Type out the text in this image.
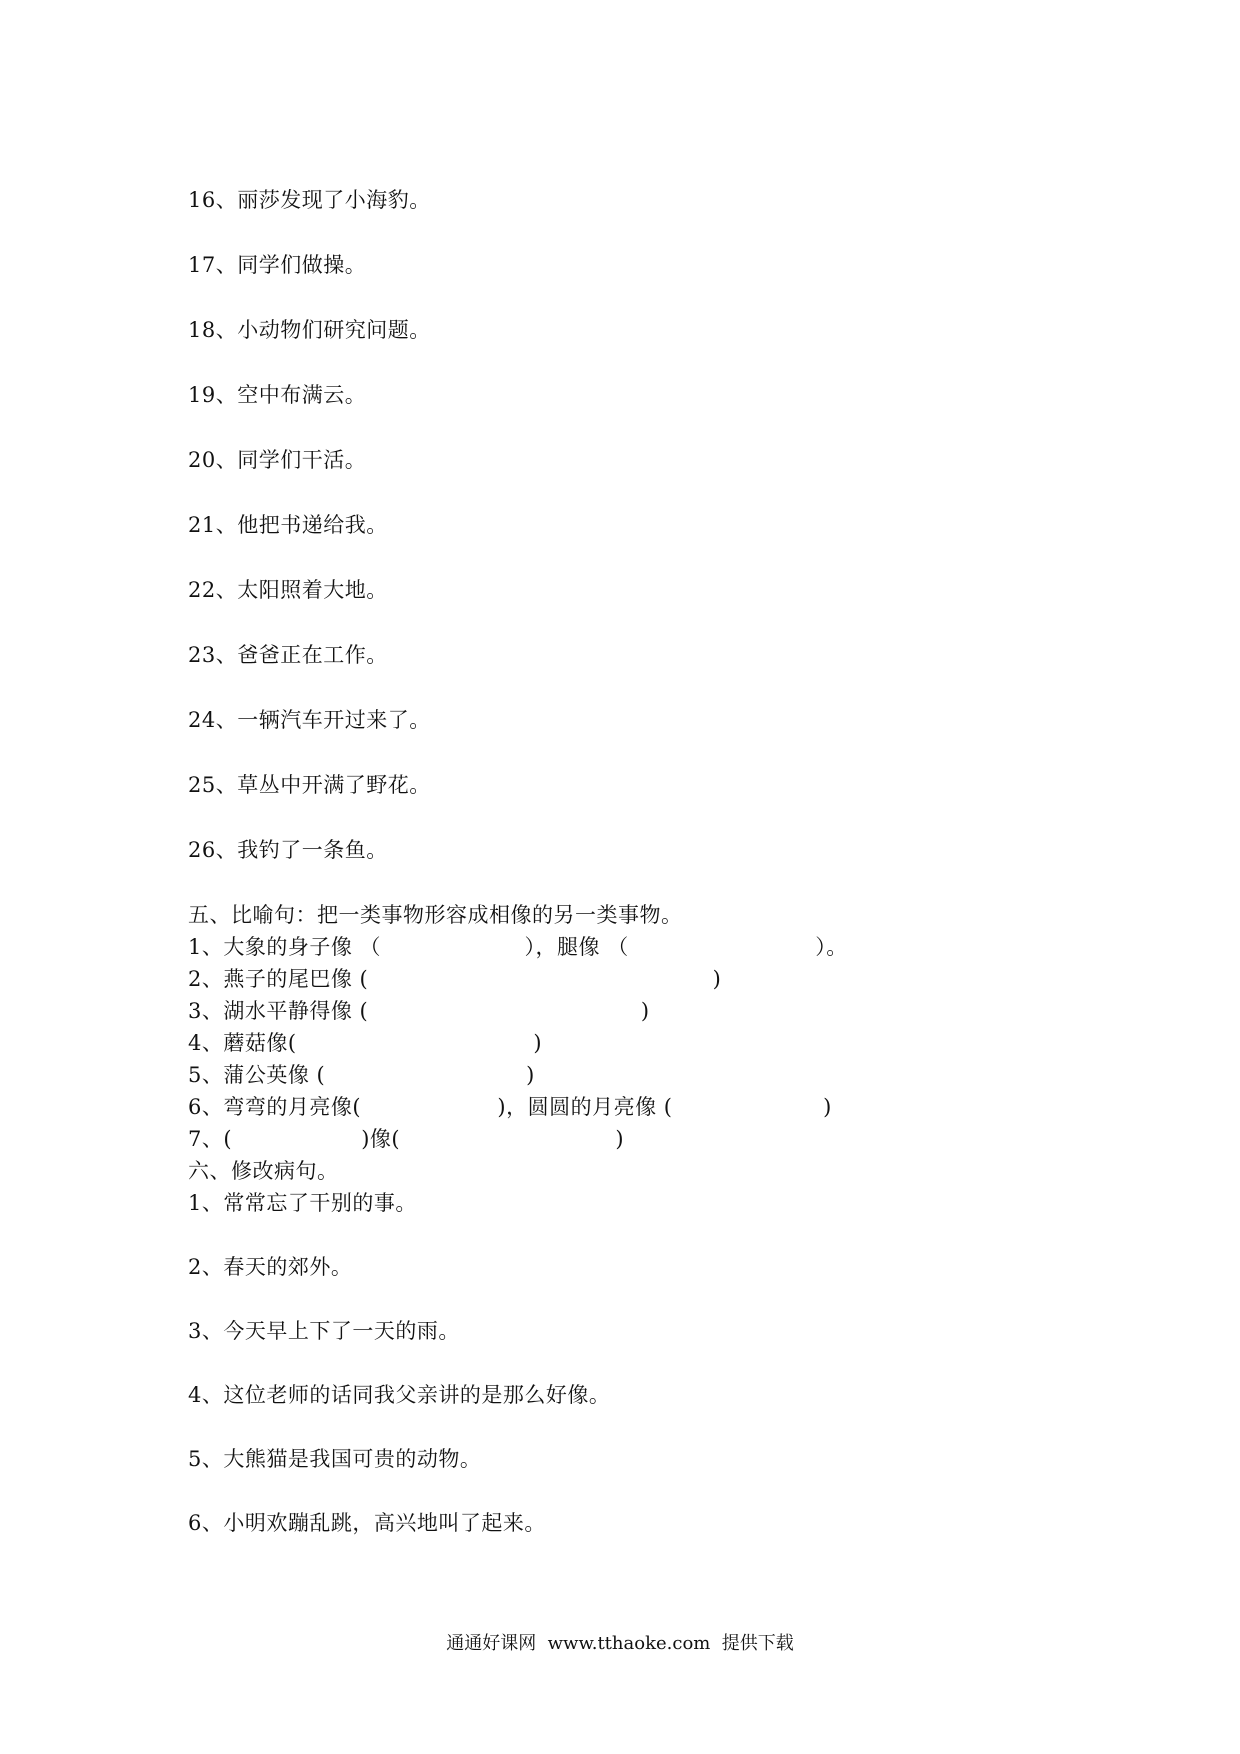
16、丽莎发现了小海豹。
17、同学们做操。
18、小动物们研究问题。
19、空中布满云。
20、同学们干活。
21、他把书递给我。
22、太阳照着大地。
23、爸爸正在工作。
24、一辆汽车开过来了。
25、草丛中开满了野花。
26、我钓了一条鱼。
五、比喻句：把一类事物形容成相像的另一类事物。
1、大象的身子像 （                    ），腿像 （                          ）。
2、燕子的尾巴像 (                                                )
3、湖水平静得像 (                                      )
4、蘑菇像(                                 )
5、蒲公英像 (                            )
6、弯弯的月亮像(                   )，圆圆的月亮像 (                     )
7、(                  )像(                              )
六、修改病句。
1、常常忘了干别的事。
2、春天的郊外。
3、今天早上下了一天的雨。
4、这位老师的话同我父亲讲的是那么好像。
5、大熊猫是我国可贵的动物。
6、小明欢蹦乱跳，高兴地叫了起来。
通通好课网  www.tthaoke.com  提供下载
